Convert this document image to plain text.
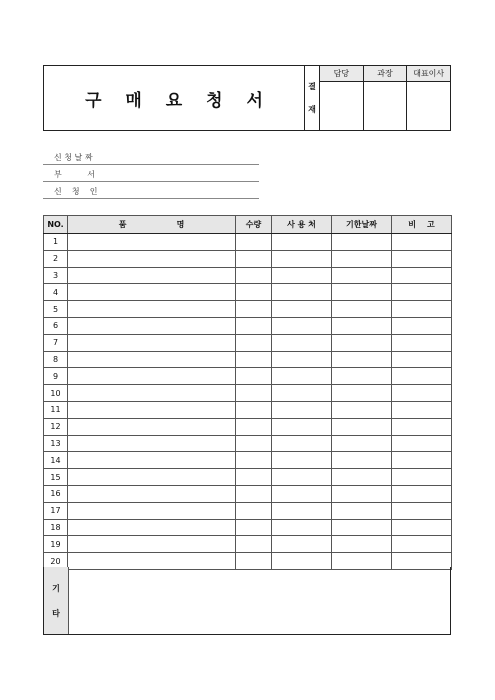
구 매 요 청 서
결
재
담당	과장	대표이사
신 청 날 짜
부          서
신    청    인
NO.	품                  명	수량	사 용 처	기한날짜	비    고
1					
2					
3					
4					
5					
6					
7					
8					
9					
10					
11					
12					
13					
14					
15					
16					
17					
18					
19					
20					
기
타
